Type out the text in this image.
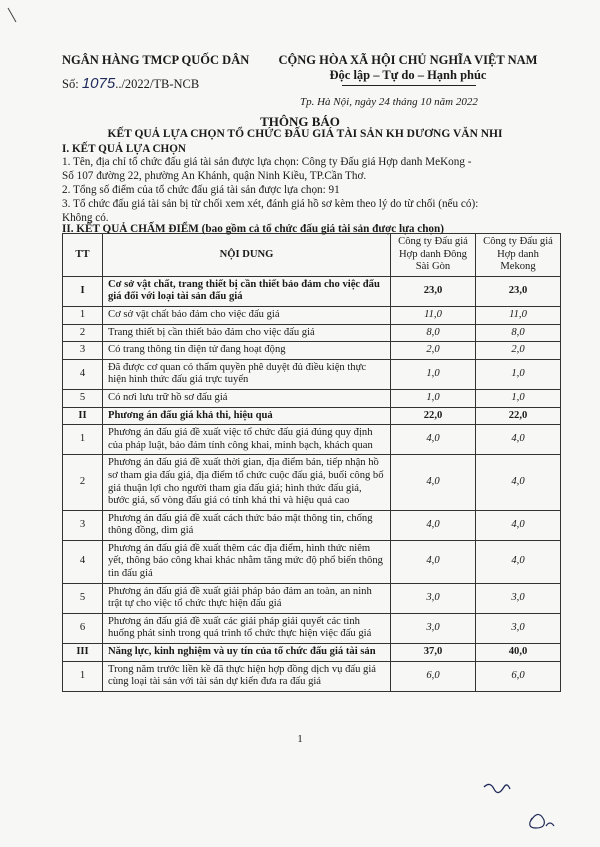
NGÂN HÀNG TMCP QUỐC DÂN
Số: 1075../2022/TB-NCB
CỘNG HÒA XÃ HỘI CHỦ NGHĨA VIỆT NAM
Độc lập – Tự do – Hạnh phúc
Tp. Hà Nội, ngày 24 tháng 10 năm 2022
THÔNG BÁO
KẾT QUẢ LỰA CHỌN TỔ CHỨC ĐẤU GIÁ TÀI SẢN KH DƯƠNG VĂN NHI
I. KẾT QUẢ LỰA CHỌN
1. Tên, địa chỉ tổ chức đấu giá tài sản được lựa chọn: Công ty Đấu giá Hợp danh MeKong -
Số 107 đường 22, phường An Khánh, quận Ninh Kiều, TP.Cần Thơ.
2. Tổng số điểm của tổ chức đấu giá tài sản được lựa chọn: 91
3. Tổ chức đấu giá tài sản bị từ chối xem xét, đánh giá hồ sơ kèm theo lý do từ chối (nếu có):
Không có.
II. KẾT QUẢ CHẤM ĐIỂM (bao gồm cả tổ chức đấu giá tài sản được lựa chọn)
TT	NỘI DUNG	Công ty Đấu giá Hợp danh Đông Sài Gòn	Công ty Đấu giá Hợp danh Mekong
I	Cơ sở vật chất, trang thiết bị cần thiết bảo đảm cho việc đấu giá đối với loại tài sản đấu giá	23,0	23,0
1	Cơ sở vật chất bảo đảm cho việc đấu giá	11,0	11,0
2	Trang thiết bị cần thiết bảo đảm cho việc đấu giá	8,0	8,0
3	Có trang thông tin điện tử đang hoạt động	2,0	2,0
4	Đã được cơ quan có thẩm quyền phê duyệt đủ điều kiện thực hiện hình thức đấu giá trực tuyến	1,0	1,0
5	Có nơi lưu trữ hồ sơ đấu giá	1,0	1,0
II	Phương án đấu giá khả thi, hiệu quả	22,0	22,0
1	Phương án đấu giá đề xuất việc tổ chức đấu giá đúng quy định của pháp luật, bảo đảm tính công khai, minh bạch, khách quan	4,0	4,0
2	Phương án đấu giá đề xuất thời gian, địa điểm bán, tiếp nhận hồ sơ tham gia đấu giá, địa điểm tổ chức cuộc đấu giá, buổi công bố giá thuận lợi cho người tham gia đấu giá; hình thức đấu giá, bước giá, số vòng đấu giá có tính khả thi và hiệu quả cao	4,0	4,0
3	Phương án đấu giá đề xuất cách thức bảo mật thông tin, chống thông đồng, dìm giá	4,0	4,0
4	Phương án đấu giá đề xuất thêm các địa điểm, hình thức niêm yết, thông báo công khai khác nhằm tăng mức độ phổ biến thông tin đấu giá	4,0	4,0
5	Phương án đấu giá đề xuất giải pháp bảo đảm an toàn, an ninh trật tự cho việc tổ chức thực hiện đấu giá	3,0	3,0
6	Phương án đấu giá đề xuất các giải pháp giải quyết các tình huống phát sinh trong quá trình tổ chức thực hiện việc đấu giá	3,0	3,0
III	Năng lực, kinh nghiệm và uy tín của tổ chức đấu giá tài sản	37,0	40,0
1	Trong năm trước liền kề đã thực hiện hợp đồng dịch vụ đấu giá cùng loại tài sản với tài sản dự kiến đưa ra đấu giá	6,0	6,0
1
